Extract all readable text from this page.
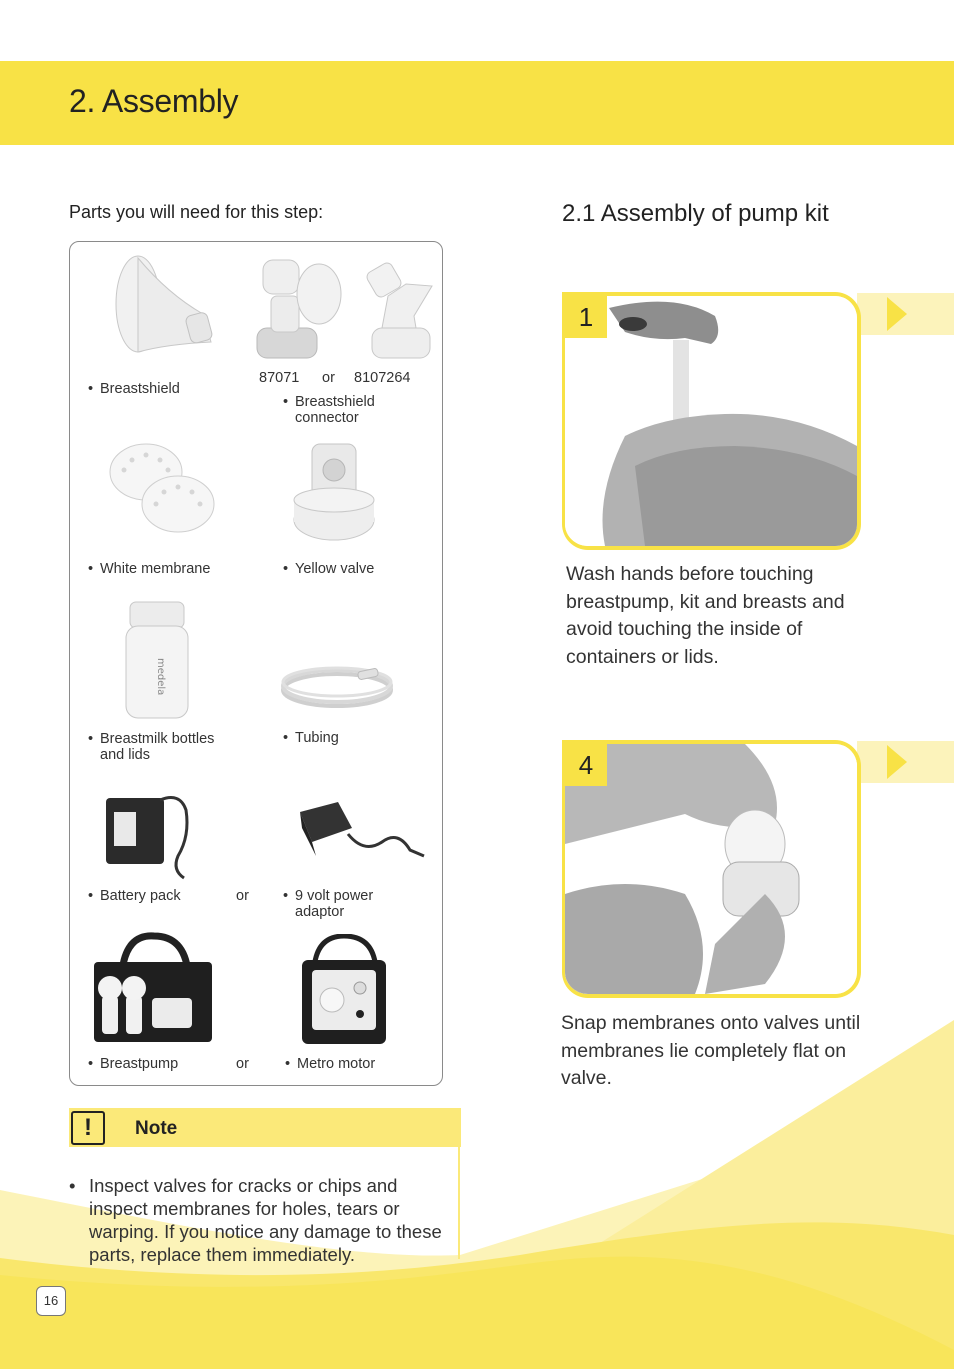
2. Assembly
Parts you will need for this step:
• Breastshield
87071 or 8107264
• Breastshield
connector
• White membrane	• Yellow valve
medela
• Breastmilk bottles
and lids
• Tubing
• Battery pack	or • 9 volt power
adaptor
• Breastpump	or • Metro motor
!	Note

• Inspect valves for cracks or chips and inspect membranes for holes, tears or warping. If you notice any damage to these parts, replace them immediately.

2.1 Assembly of pump kit
1

Wash hands before touching breastpump, kit and breasts and avoid touching the inside of containers or lids.

4

Snap membranes onto valves until membranes lie completely flat on valve.

16
